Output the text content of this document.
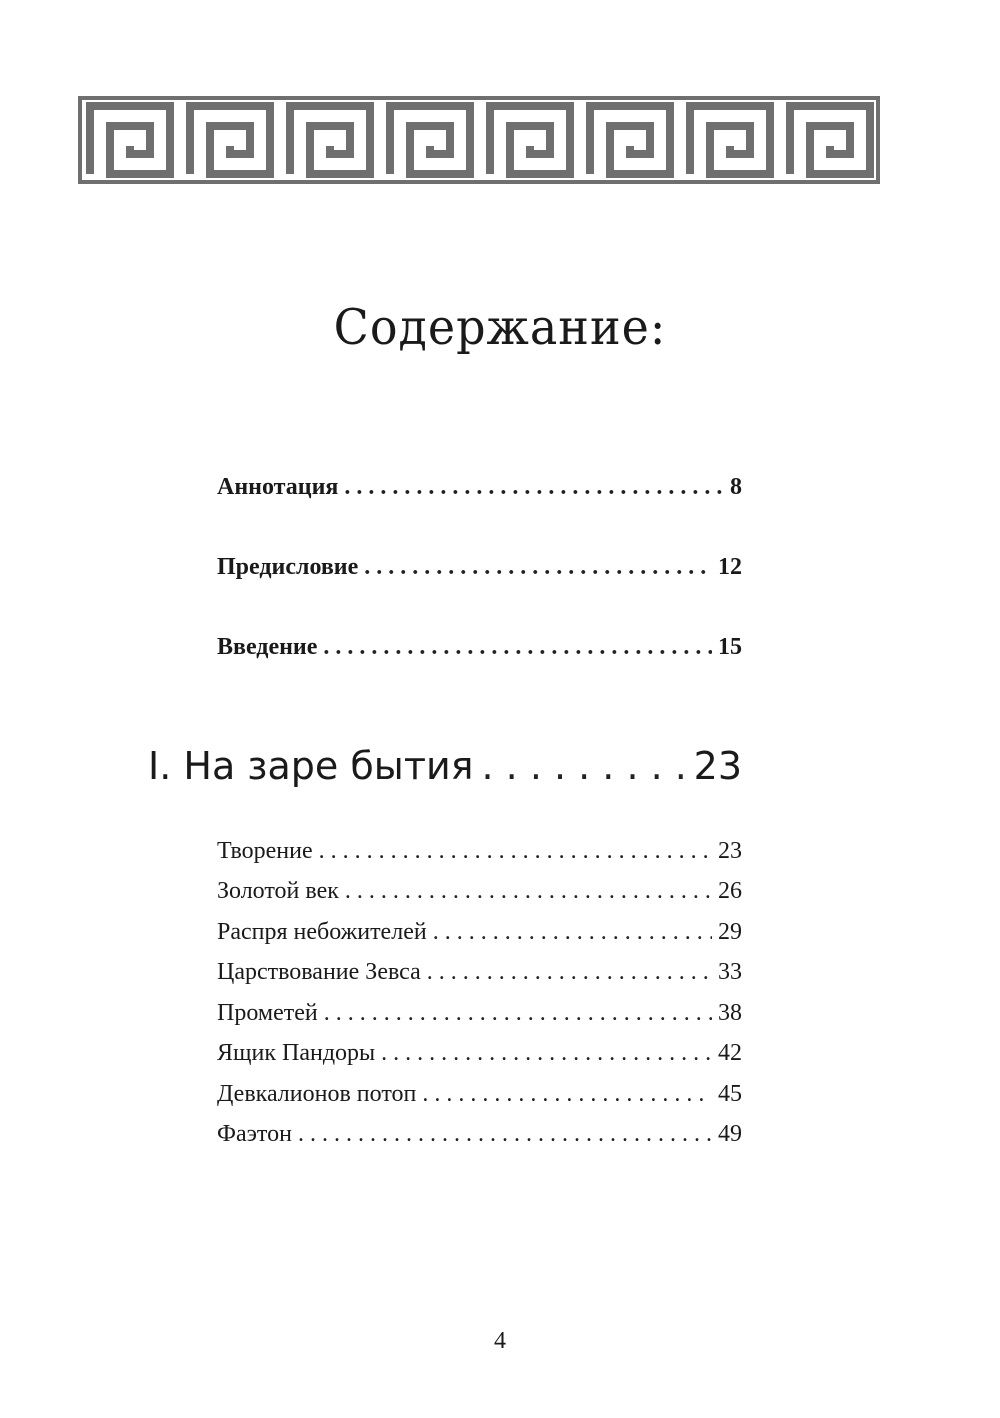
Содержание:
Аннотация . . .	8
Предисловие . . .	12
Введение . . .	15
I. На заре бытия . . .	23
Творение . . .	23
Золотой век . . .	26
Распря небожителей . . .	29
Царствование Зевса . . .	33
Прометей . . .	38
Ящик Пандоры . . .	42
Девкалионов потоп . . .	45
Фаэтон . . .	49
4
